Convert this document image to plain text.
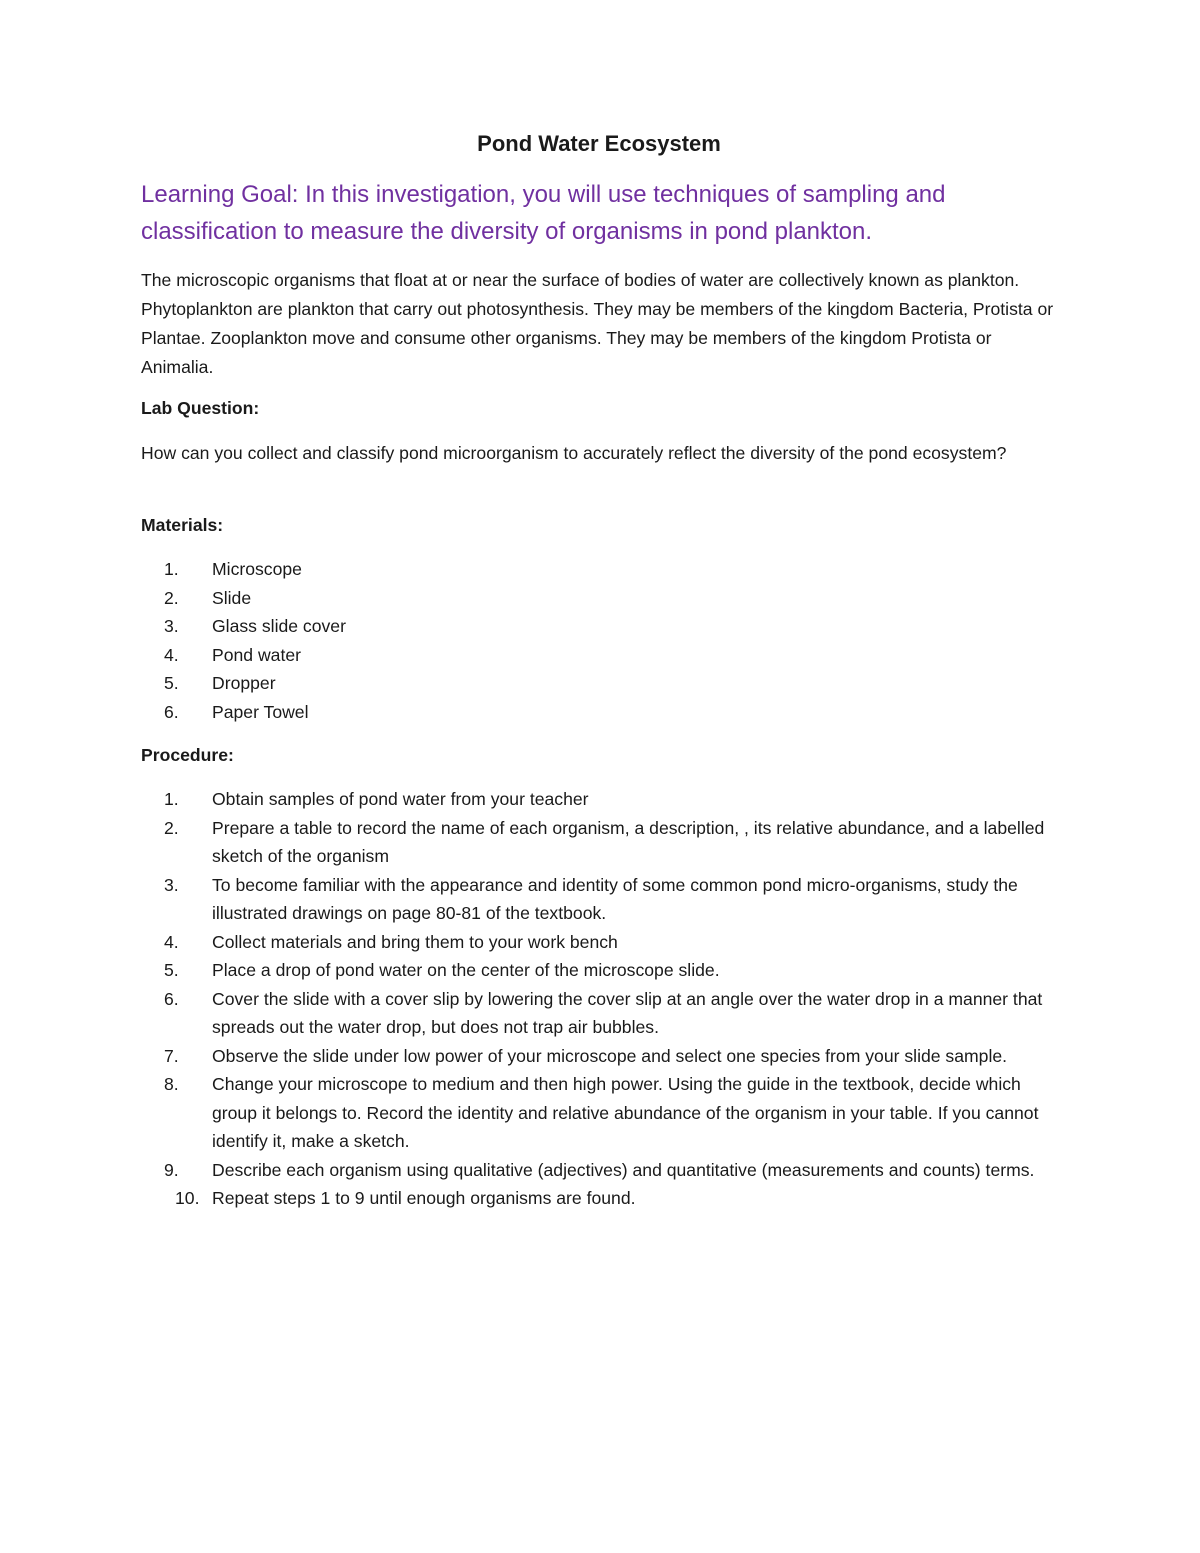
Pond Water Ecosystem
Learning Goal: In this investigation, you will use techniques of sampling and classification to measure the diversity of organisms in pond plankton.
The microscopic organisms that float at or near the surface of bodies of water are collectively known as plankton. Phytoplankton are plankton that carry out photosynthesis. They may be members of the kingdom Bacteria, Protista or Plantae. Zooplankton move and consume other organisms. They may be members of the kingdom Protista or Animalia.
Lab Question:
How can you collect and classify pond microorganism to accurately reflect the diversity of the pond ecosystem?
Materials:
1.	Microscope
2.	Slide
3.	Glass slide cover
4.	Pond water
5.	Dropper
6.	Paper Towel
Procedure:
1.	Obtain samples of pond water from your teacher
2.	Prepare a table to record the name of each organism, a description, , its relative abundance, and a labelled sketch of the organism
3.	To become familiar with the appearance and identity of some common pond micro-organisms, study the illustrated drawings on page 80-81 of the textbook.
4.	Collect materials and bring them to your work bench
5.	Place a drop of pond water on the center of the microscope slide.
6.	Cover the slide with a cover slip by lowering the cover slip at an angle over the water drop in a manner that spreads out the water drop, but does not trap air bubbles.
7.	Observe the slide under low power of your microscope and select one species from your slide sample.
8.	Change your microscope to medium and then high power. Using the guide in the textbook, decide which group it belongs to. Record the identity and relative abundance of the organism in your table. If you cannot identify it, make a sketch.
9.	Describe each organism using qualitative (adjectives) and quantitative (measurements and counts) terms.
10. Repeat steps 1 to 9 until enough organisms are found.
